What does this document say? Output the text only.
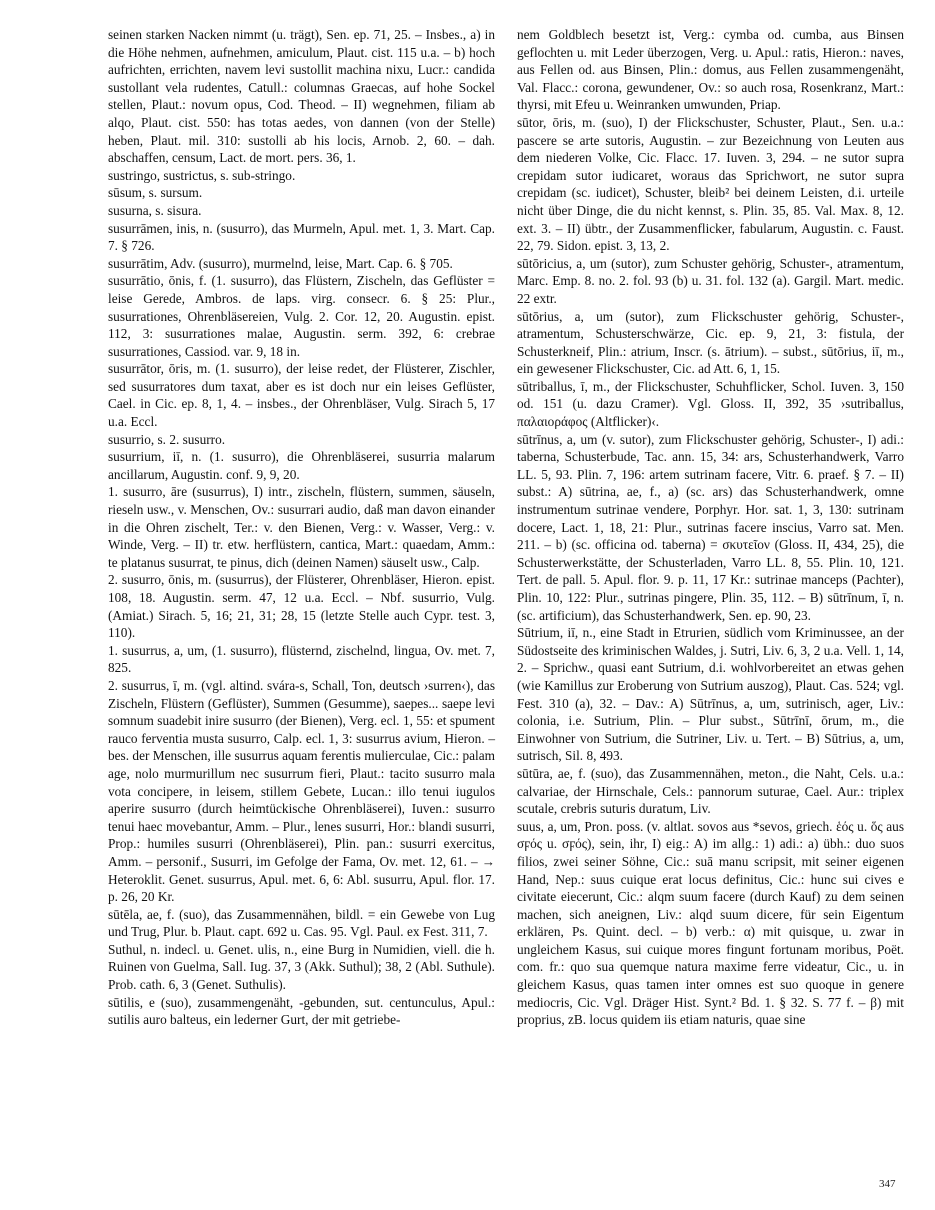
seinen starken Nacken nimmt (u. trägt), Sen. ep. 71, 25. – Insbes., a) in die Höhe nehmen, aufnehmen, amiculum, Plaut. cist. 115 u.a. – b) hoch aufrichten, errichten, navem levi sustollit machina nixu, Lucr.: candida sustollant vela rudentes, Catull.: columnas Graecas, auf hohe Sockel stellen, Plaut.: novum opus, Cod. Theod. – II) wegnehmen, filiam ab alqo, Plaut. cist. 550: has totas aedes, von dannen (von der Stelle) heben, Plaut. mil. 310: sustolli ab his locis, Arnob. 2, 60. – dah. abschaffen, censum, Lact. de mort. pers. 36, 1.

sustringo, sustrictus, s. sub-stringo.

sūsum, s. sursum.

susurna, s. sisura.

susurrāmen, inis, n. (susurro), das Murmeln, Apul. met. 1, 3. Mart. Cap. 7. § 726.

susurrātim, Adv. (susurro), murmelnd, leise, Mart. Cap. 6. § 705.

susurrātio, ōnis, f. (1. susurro), das Flüstern, Zischeln, das Geflüster = leise Gerede, Ambros. de laps. virg. consecr. 6. § 25: Plur., susurrationes, Ohrenbläsereien, Vulg. 2. Cor. 12, 20. Augustin. epist. 112, 3: susurrationes malae, Augustin. serm. 392, 6: crebrae susurrationes, Cassiod. var. 9, 18 in.

susurrātor, ōris, m. (1. susurro), der leise redet, der Flüsterer, Zischler, sed susurratores dum taxat, aber es ist doch nur ein leises Geflüster, Cael. in Cic. ep. 8, 1, 4. – insbes., der Ohrenbläser, Vulg. Sirach 5, 17 u.a. Eccl.

susurrio, s. 2. susurro.

susurrium, iī, n. (1. susurro), die Ohrenbläserei, susurria malarum ancillarum, Augustin. conf. 9, 9, 20.

1. susurro, āre (susurrus), I) intr., zischeln, flüstern, summen, säuseln, rieseln usw., v. Menschen, Ov.: susurrari audio, daß man davon einander in die Ohren zischelt, Ter.: v. den Bienen, Verg.: v. Wasser, Verg.: v. Winde, Verg. – II) tr. etw. herflüstern, cantica, Mart.: quaedam, Amm.: te platanus susurrat, te pinus, dich (deinen Namen) säuselt usw., Calp.

2. susurro, ōnis, m. (susurrus), der Flüsterer, Ohrenbläser, Hieron. epist. 108, 18. Augustin. serm. 47, 12 u.a. Eccl. – Nbf. susurrio, Vulg. (Amiat.) Sirach. 5, 16; 21, 31; 28, 15 (letzte Stelle auch Cypr. test. 3, 110).

1. susurrus, a, um, (1. susurro), flüsternd, zischelnd, lingua, Ov. met. 7, 825.

2. susurrus, ī, m. (vgl. altind. svára-s, Schall, Ton, deutsch ›surren‹), das Zischeln, Flüstern (Geflüster), Summen (Gesumme), saepes... saepe levi somnum suadebit inire susurro (der Bienen), Verg. ecl. 1, 55: et spument rauco ferventia musta susurro, Calp. ecl. 1, 3: susurrus avium, Hieron. – bes. der Menschen, ille susurrus aquam ferentis mulierculae, Cic.: palam age, nolo murmurillum nec susurrum fieri, Plaut.: tacito susurro mala vota concipere, in leisem, stillem Gebete, Lucan.: illo tenui iugulos aperire susurro (durch heimtückische Ohrenbläserei), Iuven.: susurro tenui haec movebantur, Amm. – Plur., lenes susurri, Hor.: blandi susurri, Prop.: humiles susurri (Ohrenbläserei), Plin. pan.: susurri exercitus, Amm. – personif., Susurri, im Gefolge der Fama, Ov. met. 12, 61. – → Heteroklit. Genet. susurrus, Apul. met. 6, 6: Abl. susurru, Apul. flor. 17. p. 26, 20 Kr.

sūtēla, ae, f. (suo), das Zusammennähen, bildl. = ein Gewebe von Lug und Trug, Plur. b. Plaut. capt. 692 u. Cas. 95. Vgl. Paul. ex Fest. 311, 7.

Suthul, n. indecl. u. Genet. ulis, n., eine Burg in Numidien, viell. die h. Ruinen von Guelma, Sall. Iug. 37, 3 (Akk. Suthul); 38, 2 (Abl. Suthule). Prob. cath. 6, 3 (Genet. Suthulis).

sūtilis, e (suo), zusammengenäht, -gebunden, sut. centunculus, Apul.: sutilis auro balteus, ein lederner Gurt, der mit getriebe-

nem Goldblech besetzt ist, Verg.: cymba od. cumba, aus Binsen geflochten u. mit Leder überzogen, Verg. u. Apul.: ratis, Hieron.: naves, aus Fellen od. aus Binsen, Plin.: domus, aus Fellen zusammengenäht, Val. Flacc.: corona, gewundener, Ov.: so auch rosa, Rosenkranz, Mart.: thyrsi, mit Efeu u. Weinranken umwunden, Priap.

sūtor, ōris, m. (suo), I) der Flickschuster, Schuster, Plaut., Sen. u.a.: pascere se arte sutoris, Augustin. – zur Bezeichnung von Leuten aus dem niederen Volke, Cic. Flacc. 17. Iuven. 3, 294. – ne sutor supra crepidam sutor iudicaret, woraus das Sprichwort, ne sutor supra crepidam (sc. iudicet), Schuster, bleib² bei deinem Leisten, d.i. urteile nicht über Dinge, die du nicht kennst, s. Plin. 35, 85. Val. Max. 8, 12. ext. 3. – II) übtr., der Zusammenflicker, fabularum, Augustin. c. Faust. 22, 79. Sidon. epist. 3, 13, 2.

sūtōricius, a, um (sutor), zum Schuster gehörig, Schuster-, atramentum, Marc. Emp. 8. no. 2. fol. 93 (b) u. 31. fol. 132 (a). Gargil. Mart. medic. 22 extr.

sūtōrius, a, um (sutor), zum Flickschuster gehörig, Schuster-, atramentum, Schusterschwärze, Cic. ep. 9, 21, 3: fistula, der Schusterkneif, Plin.: atrium, Inscr. (s. ātrium). – subst., sūtōrius, iī, m., ein gewesener Flickschuster, Cic. ad Att. 6, 1, 15.

sūtriballus, ī, m., der Flickschuster, Schuhflicker, Schol. Iuven. 3, 150 od. 151 (u. dazu Cramer). Vgl. Gloss. II, 392, 35 ›sutriballus, παλαιοράφος (Altflicker)‹.

sūtrīnus, a, um (v. sutor), zum Flickschuster gehörig, Schuster-, I) adi.: taberna, Schusterbude, Tac. ann. 15, 34: ars, Schusterhandwerk, Varro LL. 5, 93. Plin. 7, 196: artem sutrinam facere, Vitr. 6. praef. § 7. – II) subst.: A) sūtrina, ae, f., a) (sc. ars) das Schusterhandwerk, omne instrumentum sutrinae vendere, Porphyr. Hor. sat. 1, 3, 130: sutrinam docere, Lact. 1, 18, 21: Plur., sutrinas facere inscius, Varro sat. Men. 211. – b) (sc. officina od. taberna) = σκυτεῖον (Gloss. II, 434, 25), die Schusterwerkstätte, der Schusterladen, Varro LL. 8, 55. Plin. 10, 121. Tert. de pall. 5. Apul. flor. 9. p. 11, 17 Kr.: sutrinae manceps (Pachter), Plin. 10, 122: Plur., sutrinas pingere, Plin. 35, 112. – B) sūtrīnum, ī, n. (sc. artificium), das Schusterhandwerk, Sen. ep. 90, 23.

Sūtrium, iī, n., eine Stadt in Etrurien, südlich vom Kriminussee, an der Südostseite des kriminischen Waldes, j. Sutri, Liv. 6, 3, 2 u.a. Vell. 1, 14, 2. – Sprichw., quasi eant Sutrium, d.i. wohlvorbereitet an etwas gehen (wie Kamillus zur Eroberung von Sutrium auszog), Plaut. Cas. 524; vgl. Fest. 310 (a), 32. – Dav.: A) Sūtrīnus, a, um, sutrinisch, ager, Liv.: colonia, i.e. Sutrium, Plin. – Plur subst., Sūtrīnī, ōrum, m., die Einwohner von Sutrium, die Sutriner, Liv. u. Tert. – B) Sūtrius, a, um, sutrisch, Sil. 8, 493.

sūtūra, ae, f. (suo), das Zusammennähen, meton., die Naht, Cels. u.a.: calvariae, der Hirnschale, Cels.: pannorum suturae, Cael. Aur.: triplex scutale, crebris suturis duratum, Liv.

suus, a, um, Pron. poss. (v. altlat. sovos aus *sevos, griech. ἑός u. ὅς aus σϝός u. σϝός), sein, ihr, I) eig.: A) im allg.: 1) adi.: a) übh.: duo suos filios, zwei seiner Söhne, Cic.: suā manu scripsit, mit seiner eigenen Hand, Nep.: suus cuique erat locus definitus, Cic.: hunc sui cives e civitate eiecerunt, Cic.: alqm suum facere (durch Kauf) zu dem seinen machen, sich aneignen, Liv.: alqd suum dicere, für sein Eigentum erklären, Ps. Quint. decl. – b) verb.: α) mit quisque, u. zwar in ungleichem Kasus, sui cuique mores fingunt fortunam moribus, Poët. com. fr.: quo sua quemque natura maxime ferre videatur, Cic., u. in gleichem Kasus, quas tamen inter omnes est suo quoque in genere mediocris, Cic. Vgl. Dräger Hist. Synt.² Bd. 1. § 32. S. 77 f. – β) mit proprius, zB. locus quidem iis etiam naturis, quae sine

347
